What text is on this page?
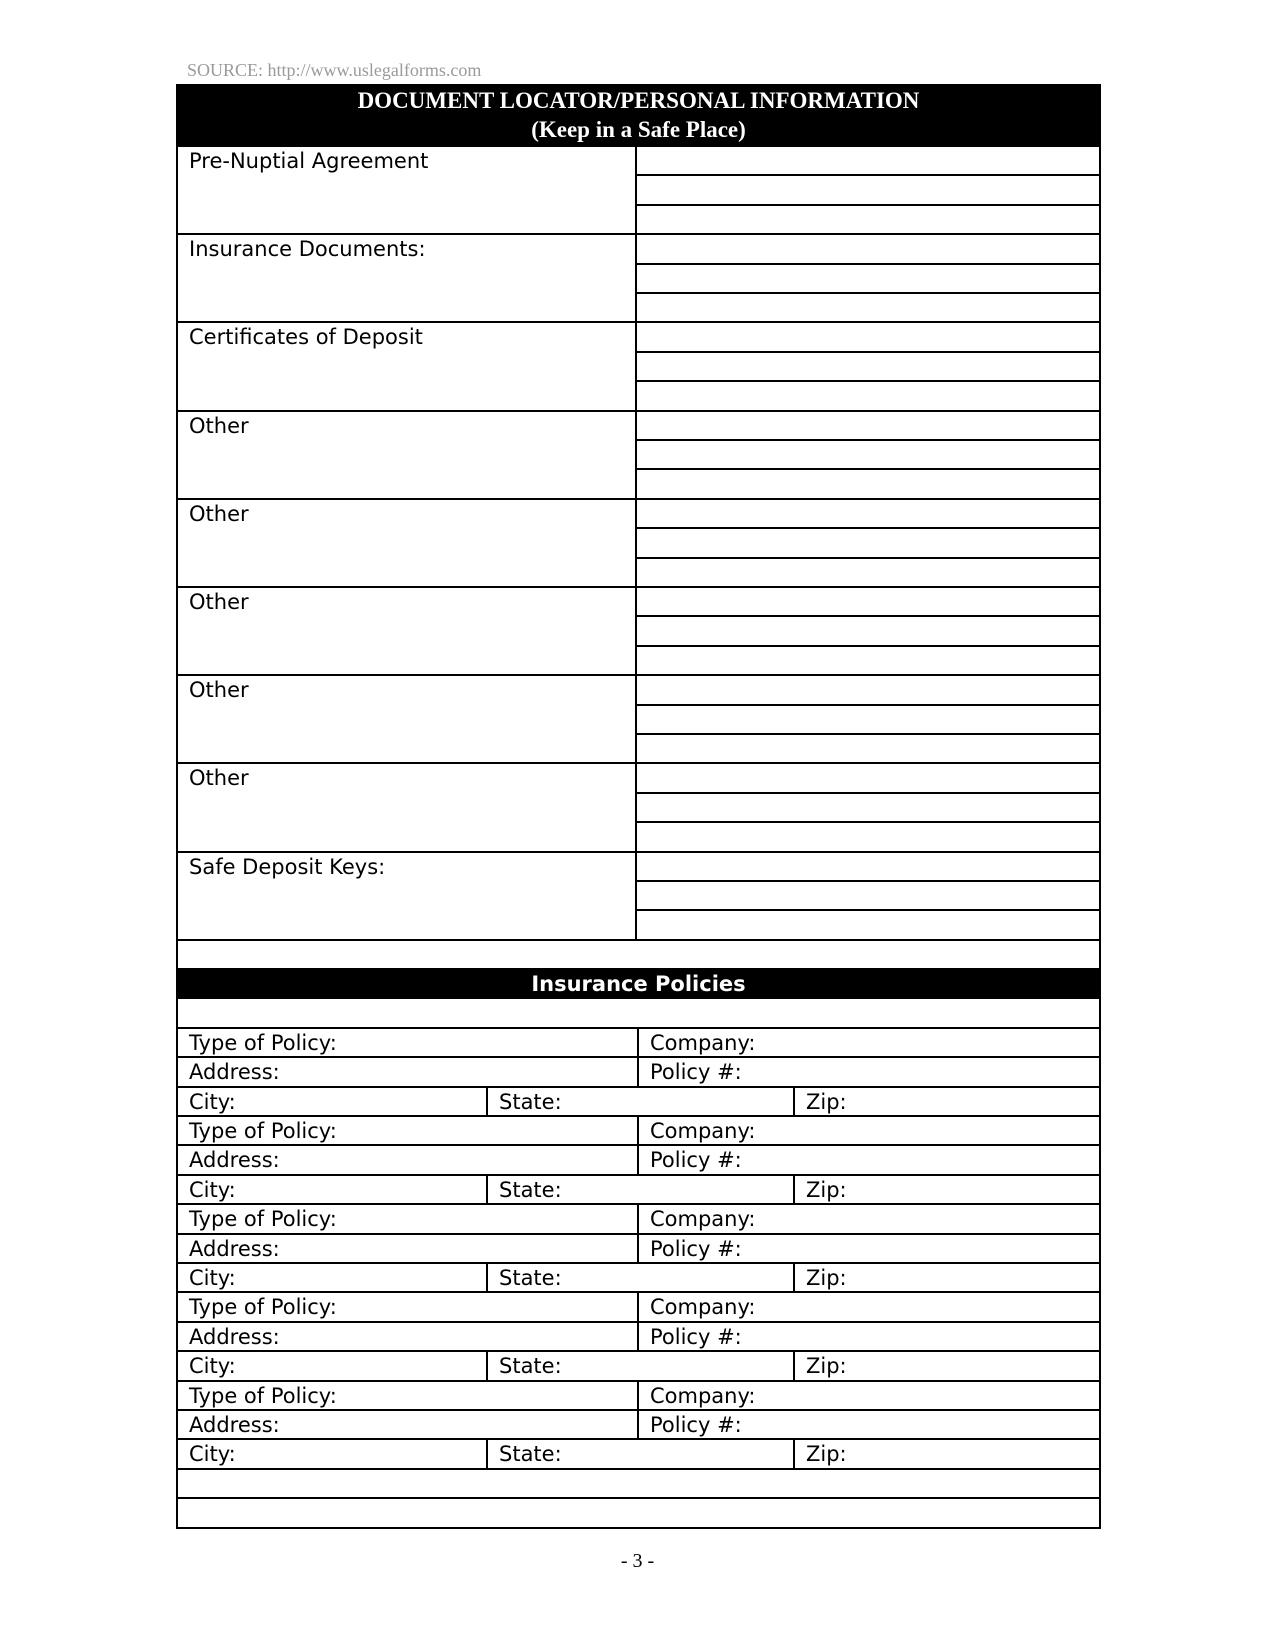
SOURCE: http://www.uslegalforms.com
DOCUMENT LOCATOR/PERSONAL INFORMATION
(Keep in a Safe Place)
Pre-Nuptial Agreement
Insurance Documents:
Certificates of Deposit
Other
Other
Other
Other
Other
Safe Deposit Keys:
Insurance Policies
Type of Policy:	Company:
Address:	Policy #:
City:	State:	Zip:
Type of Policy:	Company:
Address:	Policy #:
City:	State:	Zip:
Type of Policy:	Company:
Address:	Policy #:
City:	State:	Zip:
Type of Policy:	Company:
Address:	Policy #:
City:	State:	Zip:
Type of Policy:	Company:
Address:	Policy #:
City:	State:	Zip:
- 3 -
